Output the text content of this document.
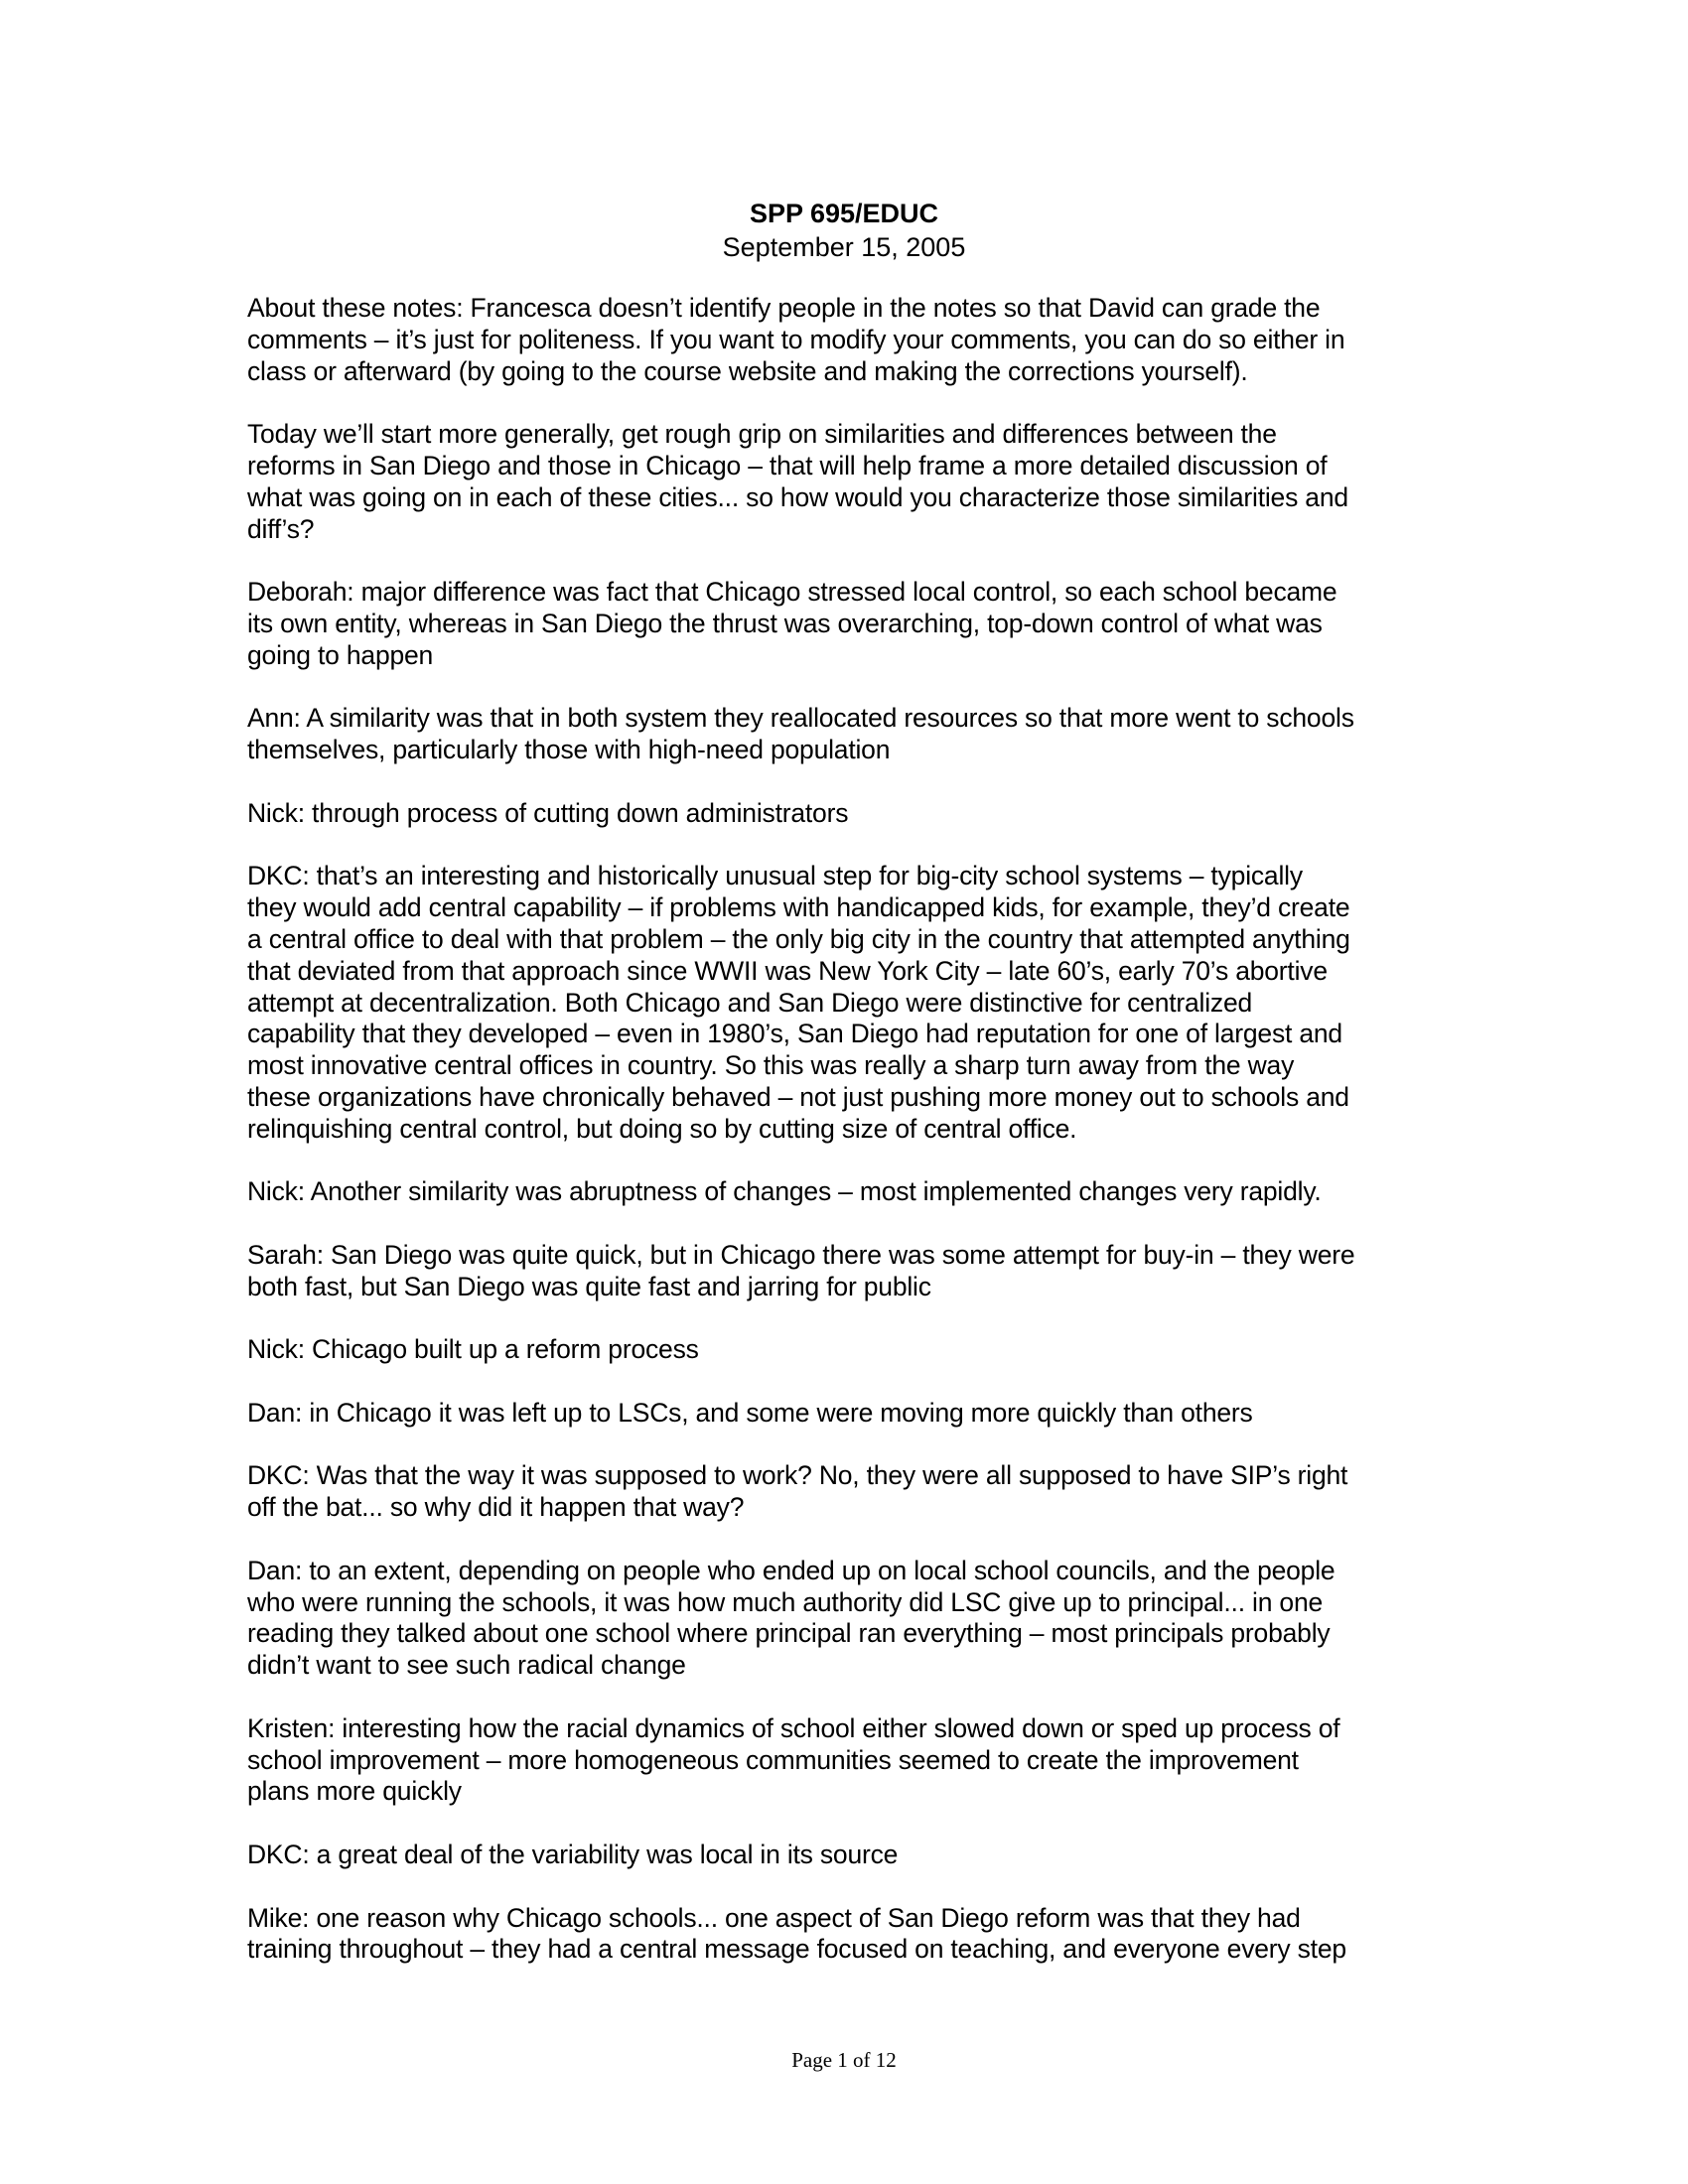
SPP 695/EDUC
September 15, 2005
About these notes: Francesca doesn’t identify people in the notes so that David can grade the
comments – it’s just for politeness. If you want to modify your comments, you can do so either in
class or afterward (by going to the course website and making the corrections yourself).
Today we’ll start more generally, get rough grip on similarities and differences between the
reforms in San Diego and those in Chicago – that will help frame a more detailed discussion of
what was going on in each of these cities... so how would you characterize those similarities and
diff’s?
Deborah: major difference was fact that Chicago stressed local control, so each school became
its own entity, whereas in San Diego the thrust was overarching, top-down control of what was
going to happen
Ann: A similarity was that in both system they reallocated resources so that more went to schools
themselves, particularly those with high-need population
Nick: through process of cutting down administrators
DKC: that’s an interesting and historically unusual step for big-city school systems – typically
they would add central capability – if problems with handicapped kids, for example, they’d create
a central office to deal with that problem – the only big city in the country that attempted anything
that deviated from that approach since WWII was New York City – late 60’s, early 70’s abortive
attempt at decentralization. Both Chicago and San Diego were distinctive for centralized
capability that they developed – even in 1980’s, San Diego had reputation for one of largest and
most innovative central offices in country. So this was really a sharp turn away from the way
these organizations have chronically behaved – not just pushing more money out to schools and
relinquishing central control, but doing so by cutting size of central office.
Nick: Another similarity was abruptness of changes – most implemented changes very rapidly.
Sarah: San Diego was quite quick, but in Chicago there was some attempt for buy-in – they were
both fast, but San Diego was quite fast and jarring for public
Nick: Chicago built up a reform process
Dan: in Chicago it was left up to LSCs, and some were moving more quickly than others
DKC: Was that the way it was supposed to work? No, they were all supposed to have SIP’s right
off the bat... so why did it happen that way?
Dan: to an extent, depending on people who ended up on local school councils, and the people
who were running the schools, it was how much authority did LSC give up to principal... in one
reading they talked about one school where principal ran everything – most principals probably
didn’t want to see such radical change
Kristen: interesting how the racial dynamics of school either slowed down or sped up process of
school improvement – more homogeneous communities seemed to create the improvement
plans more quickly
DKC: a great deal of the variability was local in its source
Mike: one reason why Chicago schools... one aspect of San Diego reform was that they had
training throughout – they had a central message focused on teaching, and everyone every step
Page 1 of 12
